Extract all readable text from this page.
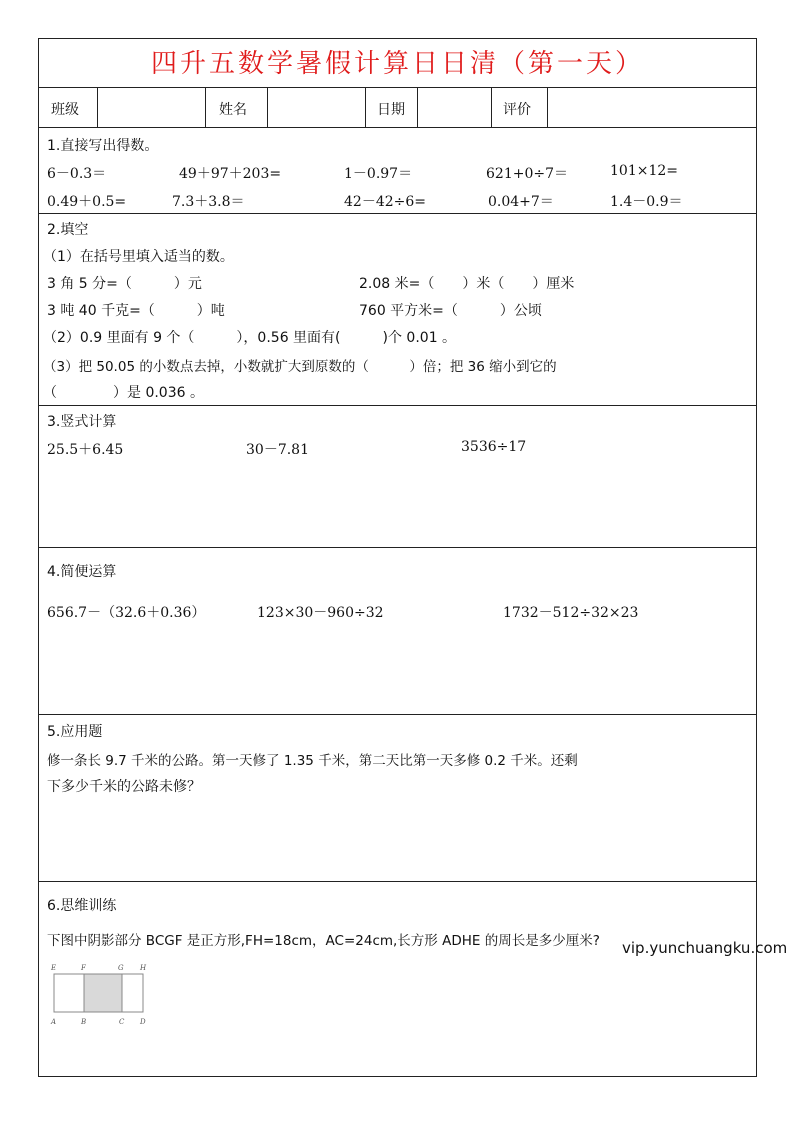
四升五数学暑假计算日日清（第一天）
班级	姓名	日期	评价
1.直接写出得数。
6－0.3＝	49＋97＋203=	1－0.97＝	621+0÷7＝	101×12=
0.49＋0.5=	7.3＋3.8＝	42－42÷6=	0.04+7＝	1.4－0.9＝
2.填空
（1）在括号里填入适当的数。
3 角 5 分=（　　　）元	2.08 米=（　　）米（　　）厘米
3 吨 40 千克=（　　　）吨	760 平方米=（　　　）公顷
（2）0.9 里面有 9 个（　　　），0.56 里面有(　　　)个 0.01 。
（3）把 50.05 的小数点去掉，小数就扩大到原数的（　　　）倍；把 36 缩小到它的
（　　　　）是 0.036 。
3.竖式计算
25.5＋6.45	30－7.81	3536÷17
4.简便运算
656.7－（32.6＋0.36）	123×30－960÷32	1732－512÷32×23
5.应用题
修一条长 9.7 千米的公路。第一天修了 1.35 千米，第二天比第一天多修 0.2 千米。还剩
下多少千米的公路未修？
6.思维训练
下图中阴影部分 BCGF 是正方形,FH=18cm，AC=24cm,长方形 ADHE 的周长是多少厘米?
E	F	G H
A	B	C D
vip.yunchuangku.com
